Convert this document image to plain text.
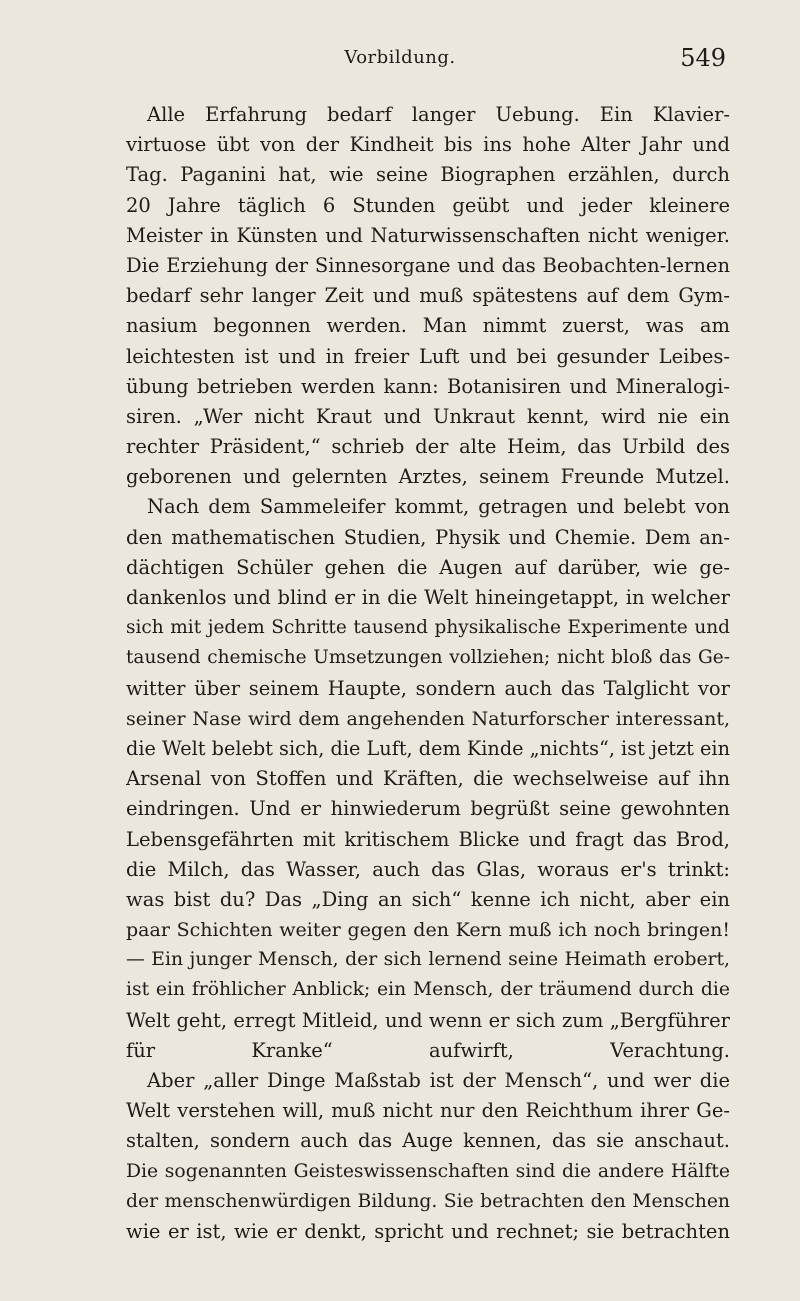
Vorbildung.	549
Alle Erfahrung bedarf langer Uebung. Ein Klavier-
virtuose übt von der Kindheit bis ins hohe Alter Jahr und
Tag. Paganini hat, wie seine Biographen erzählen, durch
20 Jahre täglich 6 Stunden geübt und jeder kleinere
Meister in Künsten und Naturwissenschaften nicht weniger.
Die Erziehung der Sinnesorgane und das Beobachten-lernen
bedarf sehr langer Zeit und muß spätestens auf dem Gym-
nasium begonnen werden. Man nimmt zuerst, was am
leichtesten ist und in freier Luft und bei gesunder Leibes-
übung betrieben werden kann: Botanisiren und Mineralogi-
siren. „Wer nicht Kraut und Unkraut kennt, wird nie ein
rechter Präsident,“ schrieb der alte Heim, das Urbild des
geborenen und gelernten Arztes, seinem Freunde Mutzel.
Nach dem Sammeleifer kommt, getragen und belebt von
den mathematischen Studien, Physik und Chemie. Dem an-
dächtigen Schüler gehen die Augen auf darüber, wie ge-
dankenlos und blind er in die Welt hineingetappt, in welcher
sich mit jedem Schritte tausend physikalische Experimente und
tausend chemische Umsetzungen vollziehen; nicht bloß das Ge-
witter über seinem Haupte, sondern auch das Talglicht vor
seiner Nase wird dem angehenden Naturforscher interessant,
die Welt belebt sich, die Luft, dem Kinde „nichts“, ist jetzt ein
Arsenal von Stoffen und Kräften, die wechselweise auf ihn
eindringen. Und er hinwiederum begrüßt seine gewohnten
Lebensgefährten mit kritischem Blicke und fragt das Brod,
die Milch, das Wasser, auch das Glas, woraus er's trinkt:
was bist du? Das „Ding an sich“ kenne ich nicht, aber ein
paar Schichten weiter gegen den Kern muß ich noch bringen!
— Ein junger Mensch, der sich lernend seine Heimath erobert,
ist ein fröhlicher Anblick; ein Mensch, der träumend durch die
Welt geht, erregt Mitleid, und wenn er sich zum „Bergführer
für Kranke“ aufwirft, Verachtung.
Aber „aller Dinge Maßstab ist der Mensch“, und wer die
Welt verstehen will, muß nicht nur den Reichthum ihrer Ge-
stalten, sondern auch das Auge kennen, das sie anschaut.
Die sogenannten Geisteswissenschaften sind die andere Hälfte
der menschenwürdigen Bildung. Sie betrachten den Menschen
wie er ist, wie er denkt, spricht und rechnet; sie betrachten
